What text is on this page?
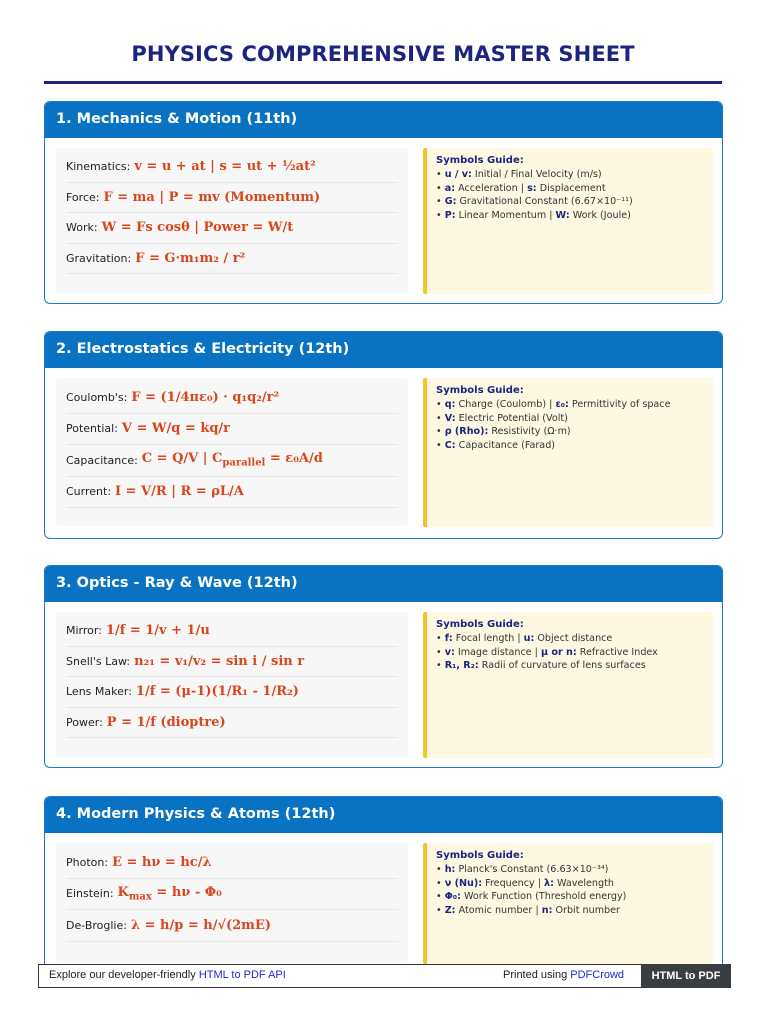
PHYSICS COMPREHENSIVE MASTER SHEET
1. Mechanics & Motion (11th)
Kinematics: v = u + at | s = ut + ½at²
Force: F = ma | P = mv (Momentum)
Work: W = Fs cosθ | Power = W/t
Gravitation: F = G·m₁m₂ / r²
Symbols Guide:
• u / v: Initial / Final Velocity (m/s)
• a: Acceleration | s: Displacement
• G: Gravitational Constant (6.67×10⁻¹¹)
• P: Linear Momentum | W: Work (Joule)
2. Electrostatics & Electricity (12th)
Coulomb's: F = (1/4πε₀) · q₁q₂/r²
Potential: V = W/q = kq/r
Capacitance: C = Q/V | $C_{parallel} = \varepsilon_0A/d$
Current: I = V/R | R = ρL/A
Symbols Guide:
• q: Charge (Coulomb) | ε₀: Permittivity of space
• V: Electric Potential (Volt)
• ρ (Rho): Resistivity (Ω·m)
• C: Capacitance (Farad)
3. Optics - Ray & Wave (12th)
Mirror: 1/f = 1/v + 1/u
Snell's Law: n₂₁ = v₁/v₂ = sin i / sin r
Lens Maker: 1/f = (μ-1)(1/R₁ - 1/R₂)
Power: P = 1/f (dioptre)
Symbols Guide:
• f: Focal length | u: Object distance
• v: Image distance | μ or n: Refractive Index
• R₁, R₂: Radii of curvature of lens surfaces
4. Modern Physics & Atoms (12th)
Photon: E = hν = hc/λ
Einstein: $K_{max} = h\nu - \Phi_0$
De-Broglie: λ = h/p = h/√(2mE)
Symbols Guide:
• h: Planck's Constant (6.63×10⁻³⁴)
• ν (Nu): Frequency | λ: Wavelength
• Φ₀: Work Function (Threshold energy)
• Z: Atomic number | n: Orbit number
Explore our developer-friendly HTML to PDF API	Printed using PDFCrowd	HTML to PDF
